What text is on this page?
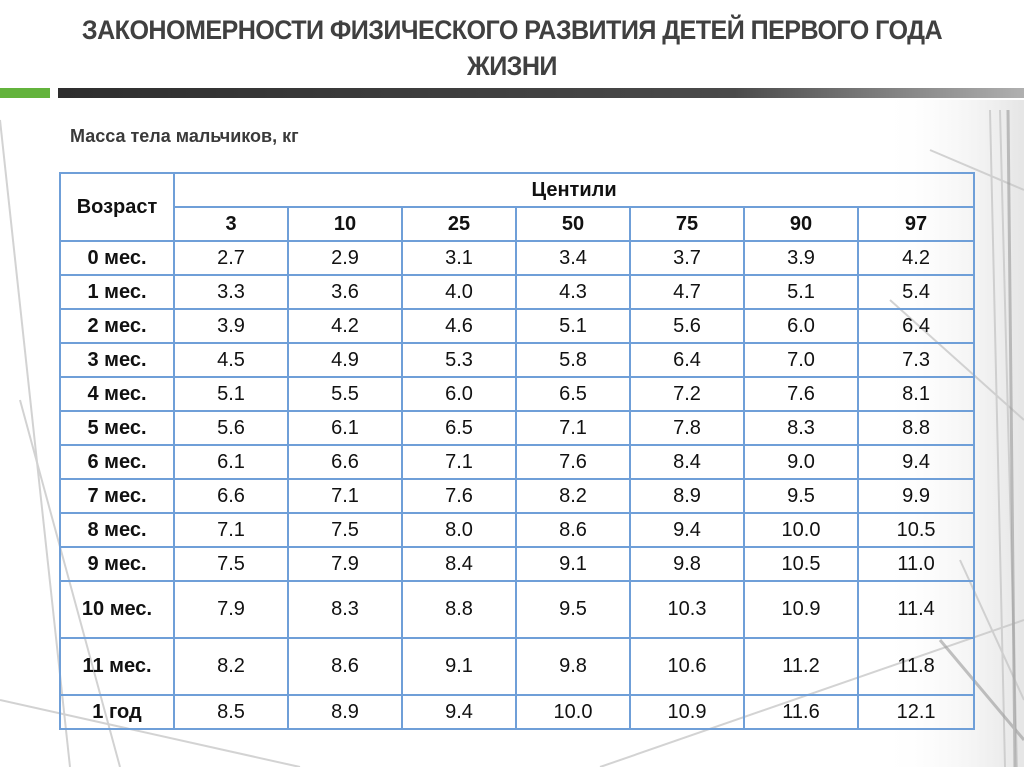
ЗАКОНОМЕРНОСТИ ФИЗИЧЕСКОГО РАЗВИТИЯ ДЕТЕЙ ПЕРВОГО ГОДА ЖИЗНИ
Масса тела мальчиков, кг
Возраст	Центили						
	3	10	25	50	75	90	97
0 мес.	2.7	2.9	3.1	3.4	3.7	3.9	4.2
1 мес.	3.3	3.6	4.0	4.3	4.7	5.1	5.4
2 мес.	3.9	4.2	4.6	5.1	5.6	6.0	6.4
3 мес.	4.5	4.9	5.3	5.8	6.4	7.0	7.3
4 мес.	5.1	5.5	6.0	6.5	7.2	7.6	8.1
5 мес.	5.6	6.1	6.5	7.1	7.8	8.3	8.8
6 мес.	6.1	6.6	7.1	7.6	8.4	9.0	9.4
7 мес.	6.6	7.1	7.6	8.2	8.9	9.5	9.9
8 мес.	7.1	7.5	8.0	8.6	9.4	10.0	10.5
9 мес.	7.5	7.9	8.4	9.1	9.8	10.5	11.0
10 мес.	7.9	8.3	8.8	9.5	10.3	10.9	11.4
11 мес.	8.2	8.6	9.1	9.8	10.6	11.2	11.8
1 год	8.5	8.9	9.4	10.0	10.9	11.6	12.1
